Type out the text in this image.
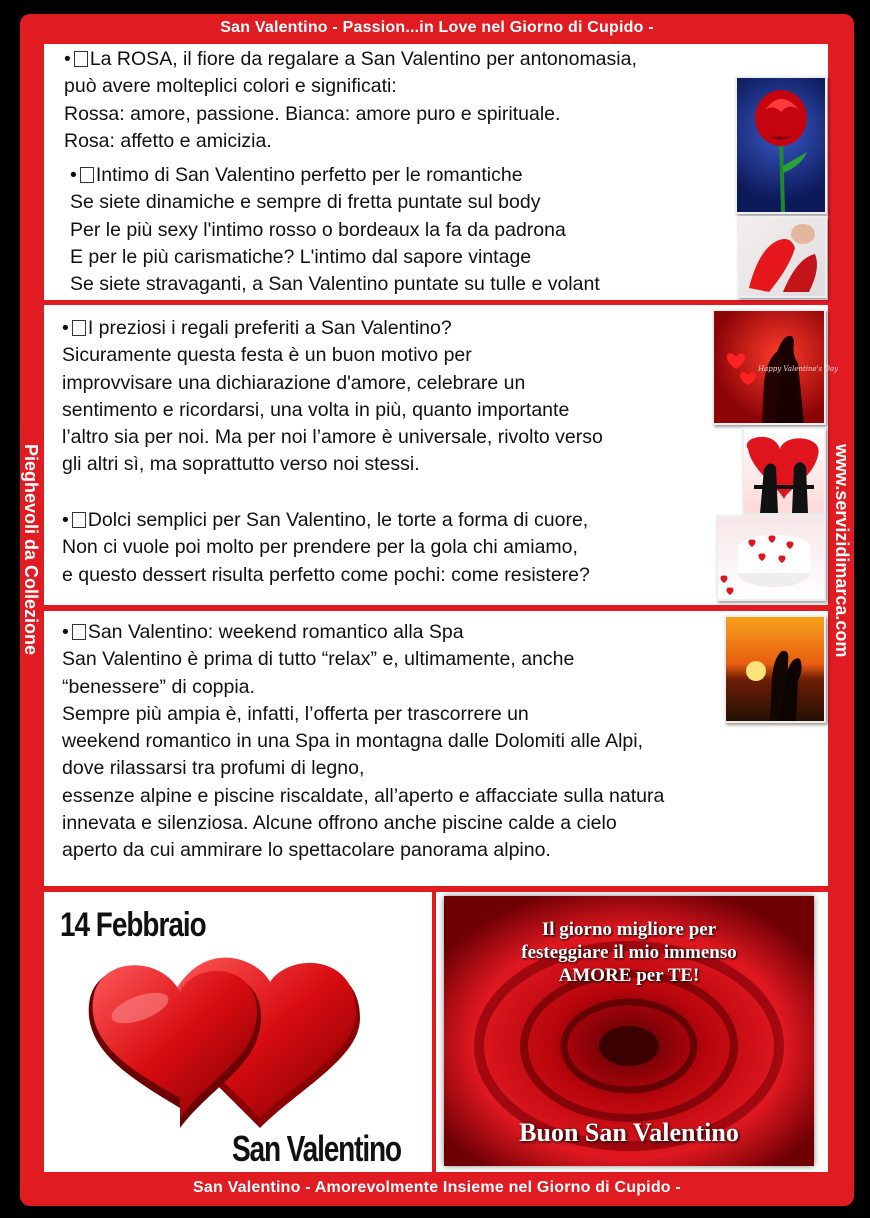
San Valentino - Passion...in Love nel Giorno di Cupido -
San Valentino - Amorevolmente Insieme nel Giorno di Cupido -
Pieghevoli da Collezione	www.servizidimarca.com
• La ROSA, il fiore da regalare a San Valentino per antonomasia,
può avere molteplici colori e significati:
Rossa: amore, passione. Bianca: amore puro e spirituale.
Rosa: affetto e amicizia.
• Intimo di San Valentino perfetto per le romantiche
Se siete dinamiche e sempre di fretta puntate sul body
Per le più sexy l'intimo rosso o bordeaux la fa da padrona
E per le più carismatiche? L'intimo dal sapore vintage
Se siete stravaganti, a San Valentino puntate su tulle e volant
• I preziosi i regali preferiti a San Valentino?
Sicuramente questa festa è un buon motivo per
improvvisare una dichiarazione d'amore, celebrare un
sentimento e ricordarsi, una volta in più, quanto importante
l’altro sia per noi. Ma per noi l’amore è universale, rivolto verso
gli altri sì, ma soprattutto verso noi stessi.
• Dolci semplici per San Valentino, le torte a forma di cuore,
Non ci vuole poi molto per prendere per la gola chi amiamo,
e questo dessert risulta perfetto come pochi: come resistere?
Happy Valentine's Day
• San Valentino: weekend romantico alla Spa
San Valentino è prima di tutto “relax” e, ultimamente, anche
“benessere” di coppia.
Sempre più ampia è, infatti, l’offerta per trascorrere un
weekend romantico in una Spa in montagna dalle Dolomiti alle Alpi,
dove rilassarsi tra profumi di legno,
essenze alpine e piscine riscaldate, all’aperto e affacciate sulla natura
innevata e silenziosa. Alcune offrono anche piscine calde a cielo
aperto da cui ammirare lo spettacolare panorama alpino.
14 Febbraio
San Valentino
Il giorno migliore per
festeggiare il mio immenso
AMORE per TE!
Buon San Valentino
